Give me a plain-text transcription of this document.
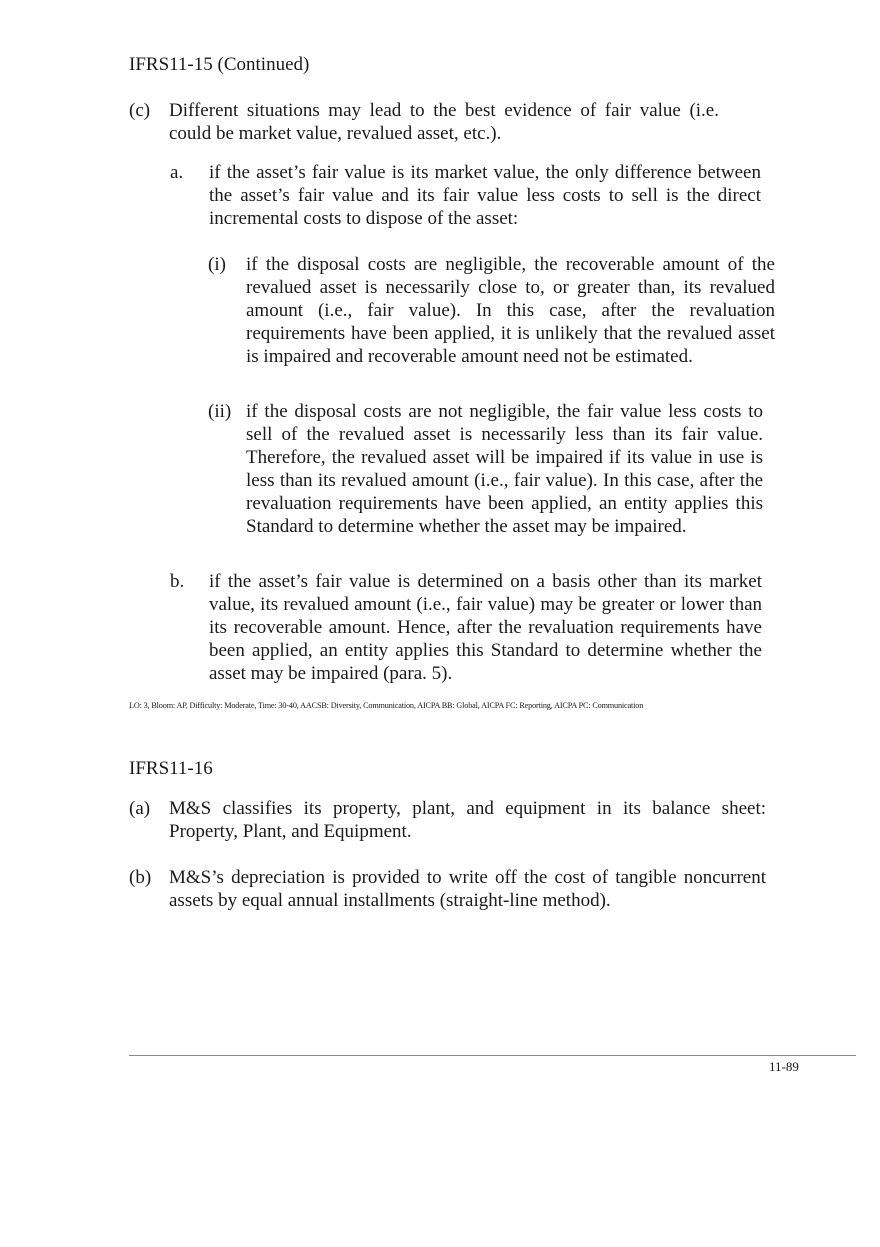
IFRS11-15 (Continued)
(c) Different situations may lead to the best evidence of fair value (i.e. could be market value, revalued asset, etc.).
a.	if the asset’s fair value is its market value, the only difference between the asset’s fair value and its fair value less costs to sell is the direct incremental costs to dispose of the asset:
(i)	if the disposal costs are negligible, the recoverable amount of the revalued asset is necessarily close to, or greater than, its revalued amount (i.e., fair value). In this case, after the revaluation requirements have been applied, it is unlikely that the revalued asset is impaired and recoverable amount need not be estimated.
(ii) if the disposal costs are not negligible, the fair value less costs to sell of the revalued asset is necessarily less than its fair value. Therefore, the revalued asset will be impaired if its value in use is less than its revalued amount (i.e., fair value). In this case, after the revaluation requirements have been applied, an entity applies this Standard to determine whether the asset may be impaired.
b.	if the asset’s fair value is determined on a basis other than its market value, its revalued amount (i.e., fair value) may be greater or lower than its recoverable amount. Hence, after the revaluation requirements have been applied, an entity applies this Standard to determine whether the asset may be impaired (para. 5).
LO: 3, Bloom: AP, Difficulty: Moderate, Time: 30-40, AACSB: Diversity, Communication, AICPA BB: Global, AICPA FC: Reporting, AICPA PC: Communication
IFRS11-16
(a) M&S classifies its property, plant, and equipment in its balance sheet: Property, Plant, and Equipment.
(b) M&S’s depreciation is provided to write off the cost of tangible noncurrent assets by equal annual installments (straight-line method).
11-89
